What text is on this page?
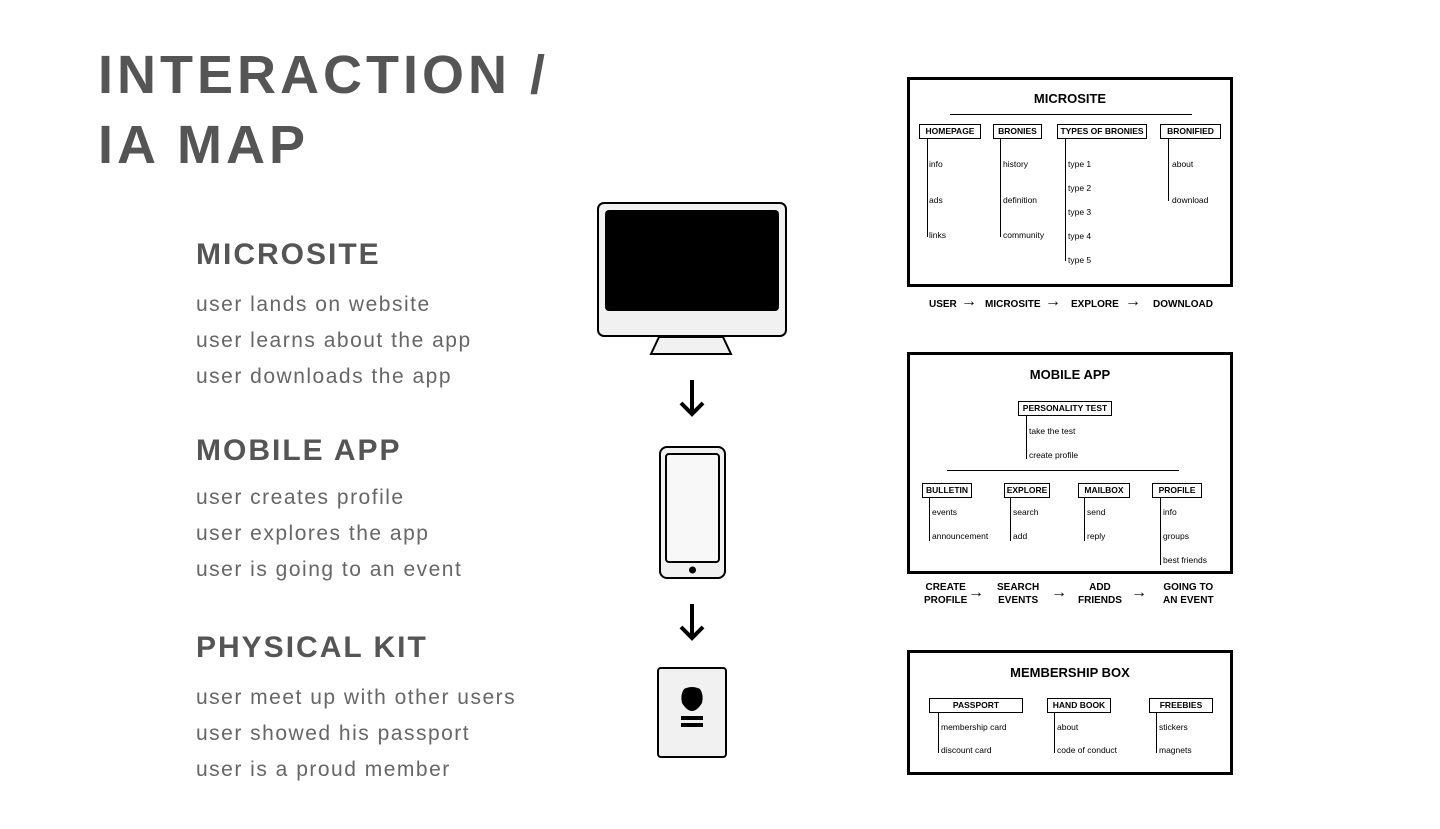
INTERACTION /
IA MAP
MICROSITE
user lands on website
user learns about the app
user downloads the app
MOBILE APP
user creates profile
user explores the app
user is going to an event
PHYSICAL KIT
user meet up with other users
user showed his passport
user is a proud member
MICROSITE
HOMEPAGE
info
ads
links
BRONIES
history
definition
community
TYPES OF BRONIES
type 1
type 2
type 3
type 4
type 5
BRONIFIED
about
download
USER → MICROSITE → EXPLORE → DOWNLOAD
MOBILE APP
PERSONALITY TEST
take the test
create profile
BULLETIN
events
announcement
EXPLORE
search
add
MAILBOX
send
reply
PROFILE
info
groups
best friends
CREATE
PROFILE → SEARCH
EVENTS →	ADD
FRIENDS → GOING TO
AN EVENT
MEMBERSHIP BOX
PASSPORT
membership card
discount card
HAND BOOK
about
code of conduct
FREEBIES
stickers
magnets
